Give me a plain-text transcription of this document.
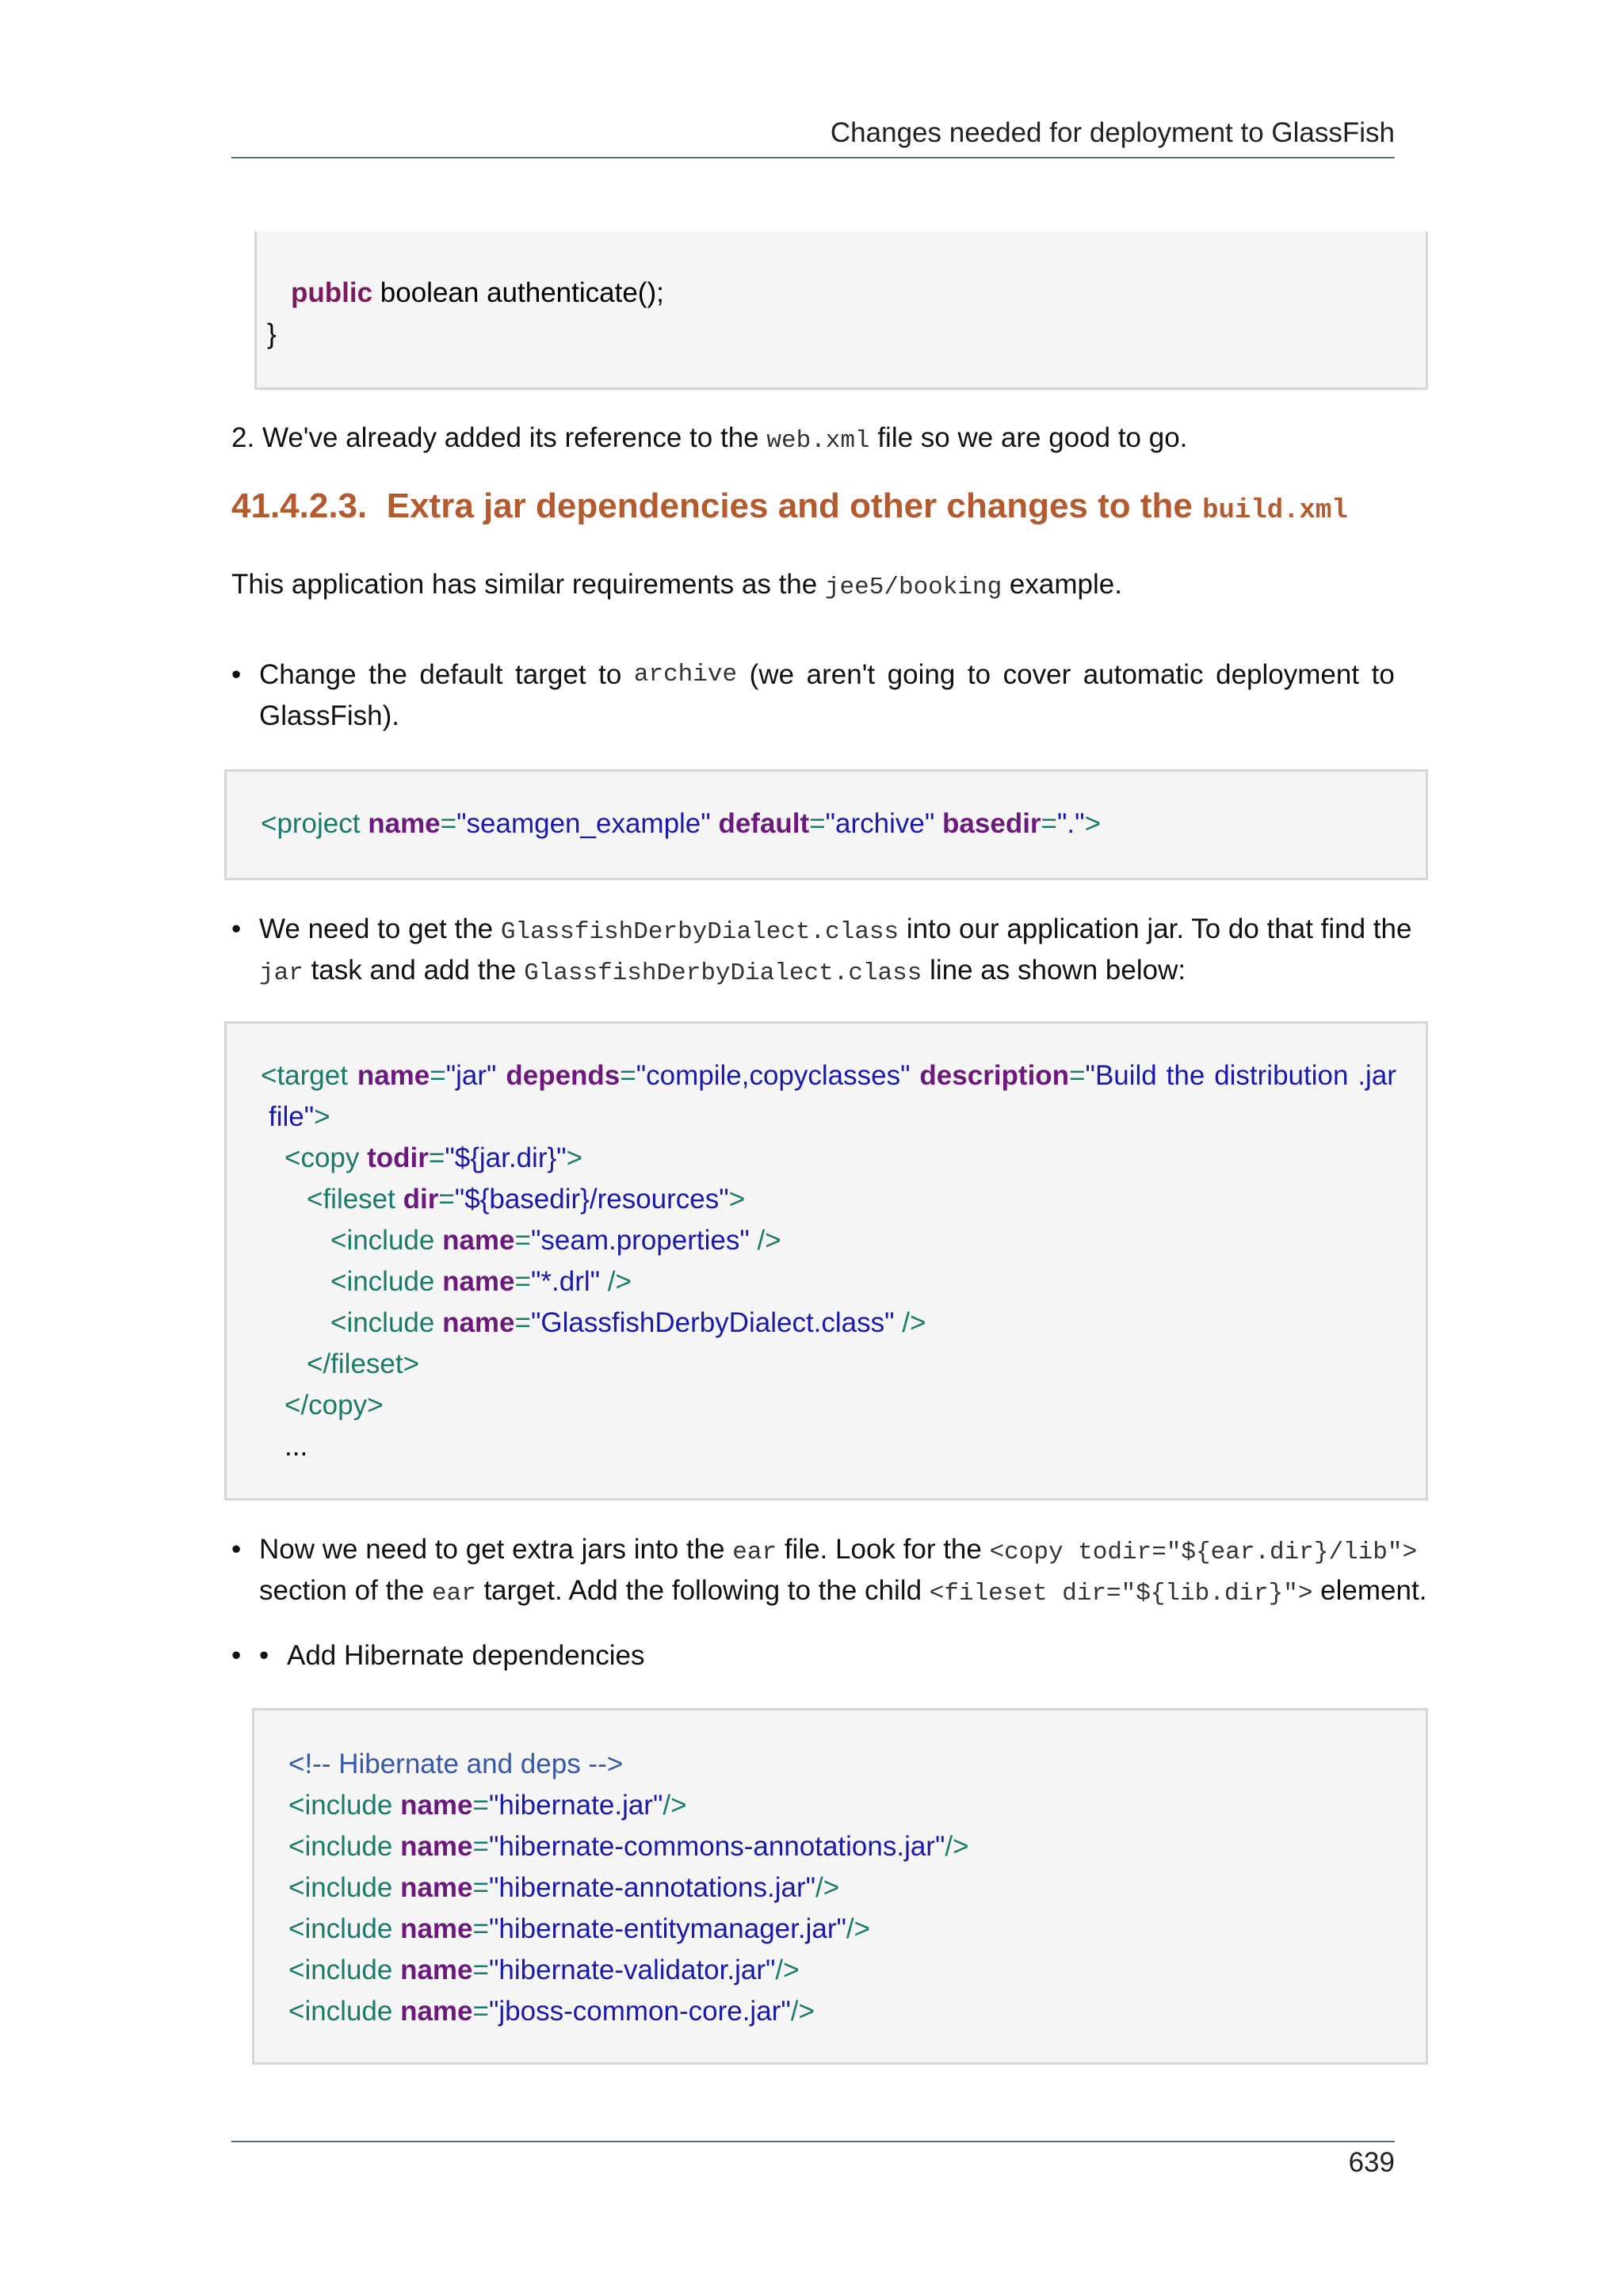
Changes needed for deployment to GlassFish
public boolean authenticate();
}
2. We've already added its reference to the web.xml file so we are good to go.
41.4.2.3. Extra jar dependencies and other changes to the build.xml
This application has similar requirements as the jee5/booking example.
• Change the default target to archive (we aren't going to cover automatic deployment to
GlassFish).
<project name="seamgen_example" default="archive" basedir=".">
• We need to get the GlassfishDerbyDialect.class into our application jar. To do that find the
jar task and add the GlassfishDerbyDialect.class line as shown below:
<target name="jar" depends="compile,copyclasses" description="Build the distribution .jar
file">
<copy todir="${jar.dir}">
<fileset dir="${basedir}/resources">
<include name="seam.properties" />
<include name="*.drl" />
<include name="GlassfishDerbyDialect.class" />
</fileset>
</copy>
...
• Now we need to get extra jars into the ear file. Look for the <copy todir="${ear.dir}/lib">
section of the ear target. Add the following to the child <fileset dir="${lib.dir}"> element.
• • Add Hibernate dependencies
<!-- Hibernate and deps -->
<include name="hibernate.jar"/>
<include name="hibernate-commons-annotations.jar"/>
<include name="hibernate-annotations.jar"/>
<include name="hibernate-entitymanager.jar"/>
<include name="hibernate-validator.jar"/>
<include name="jboss-common-core.jar"/>
639
